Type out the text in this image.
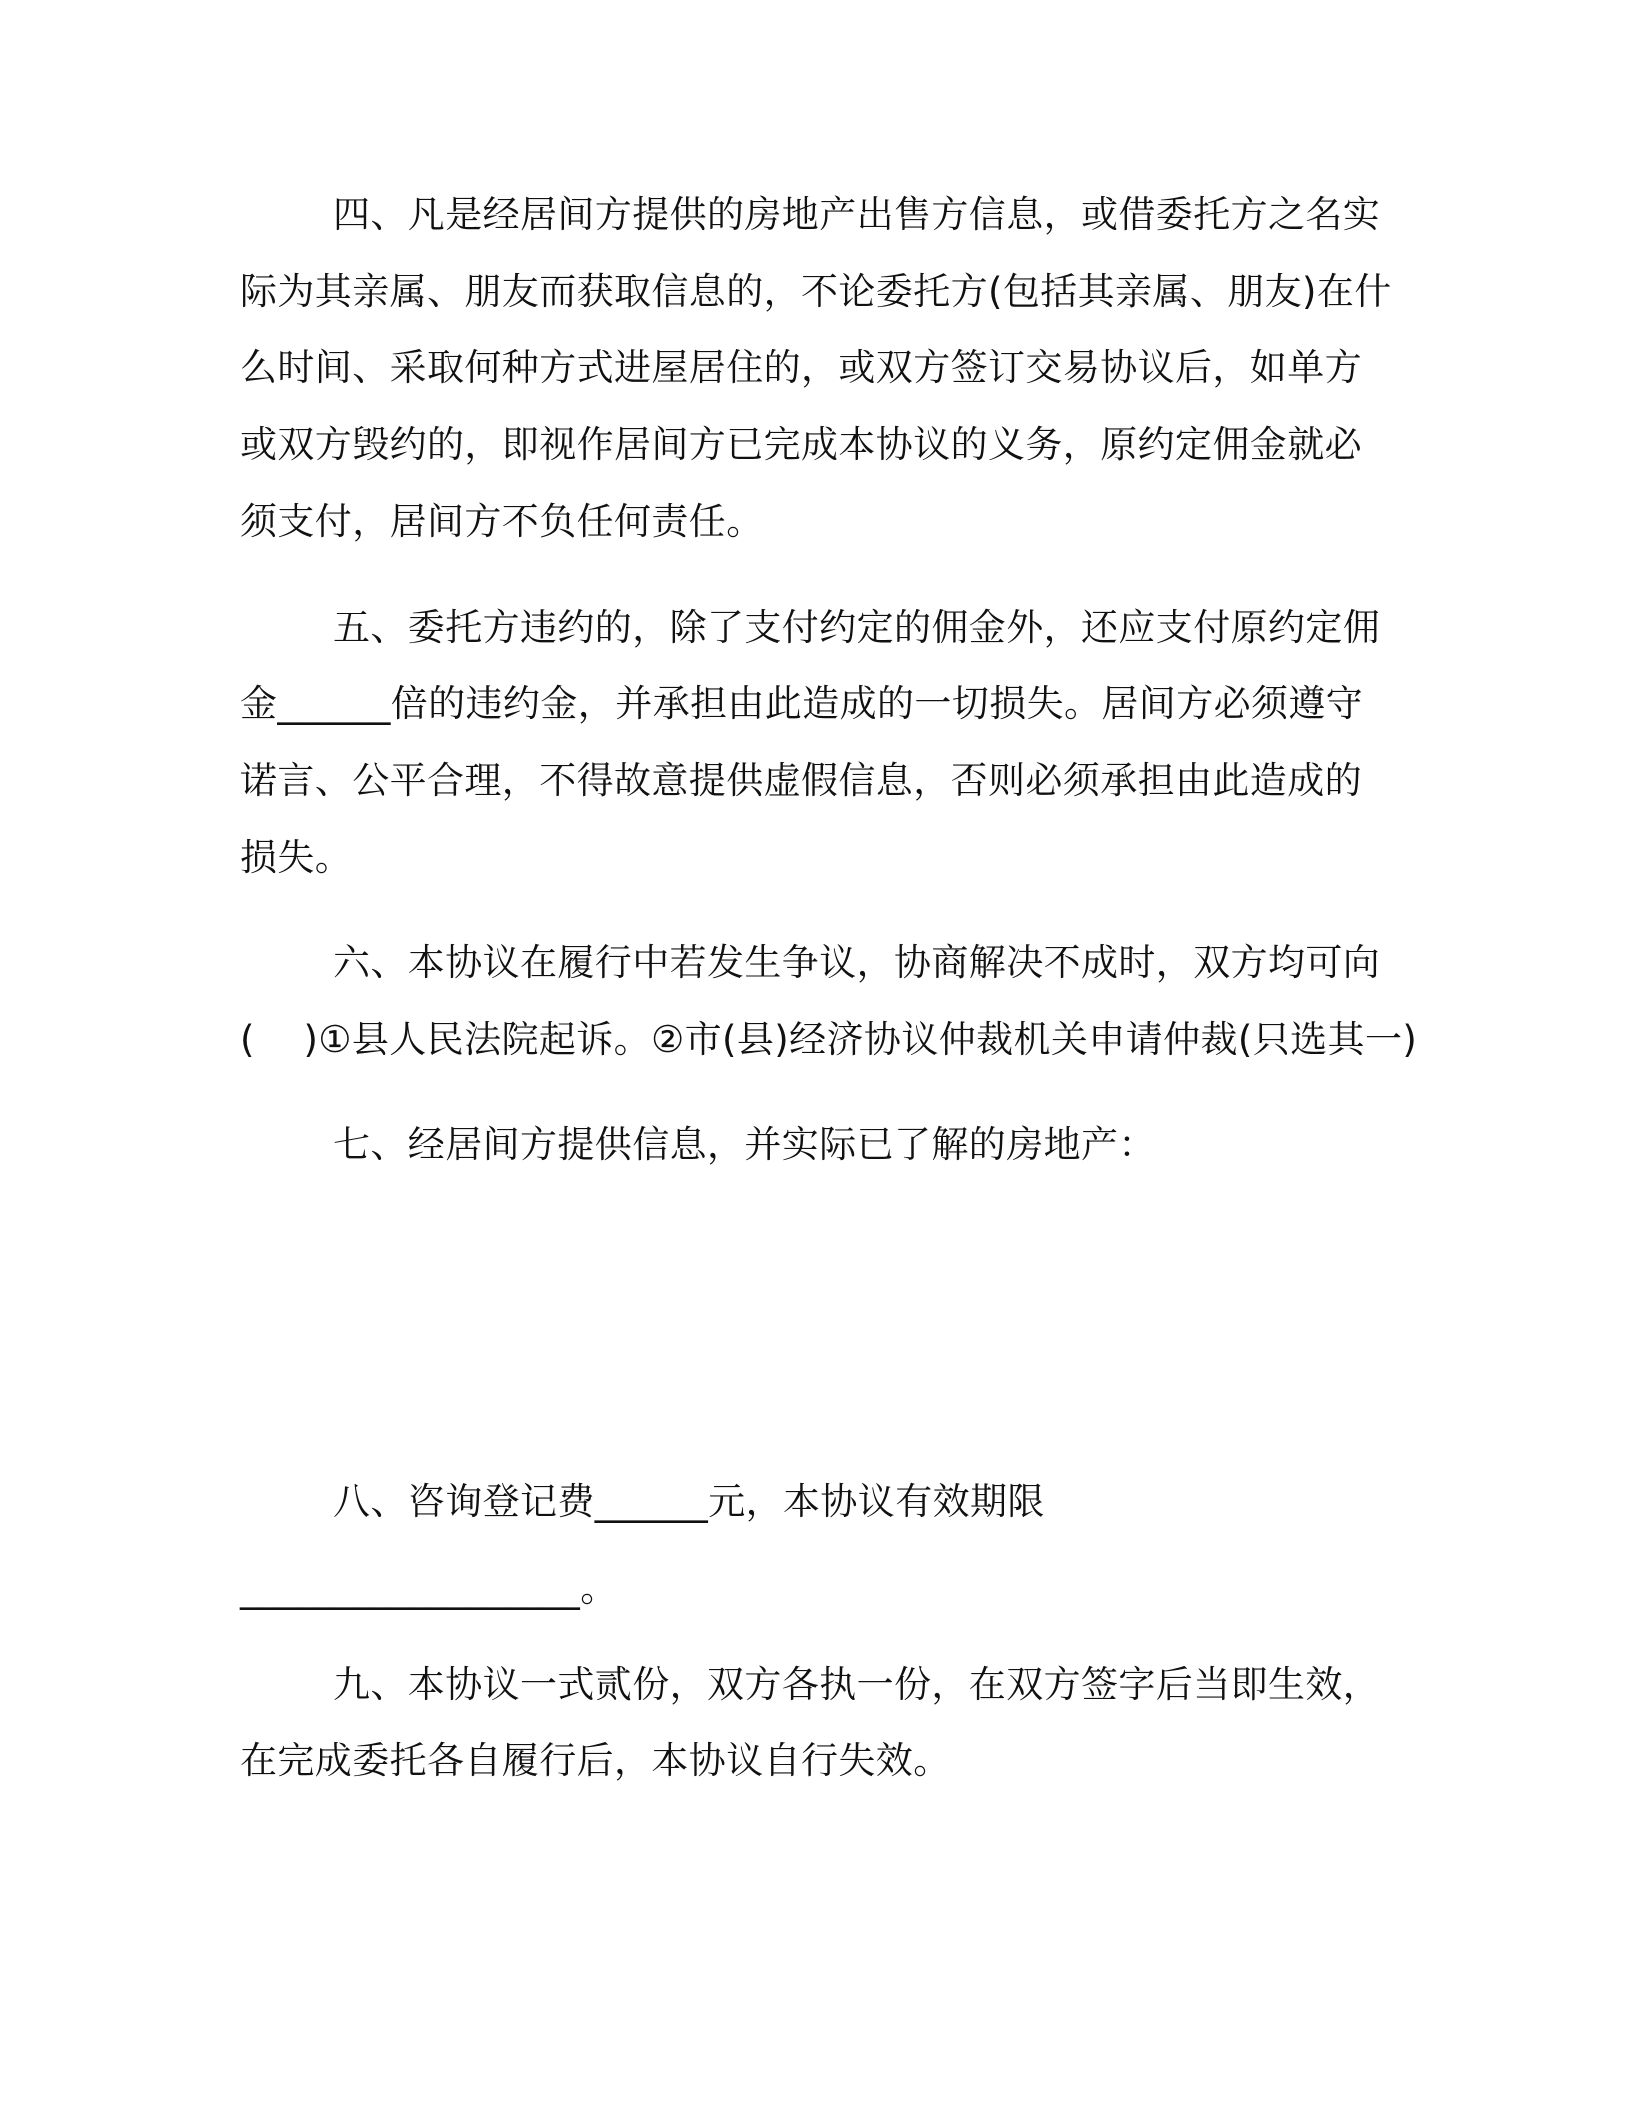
四、凡是经居间方提供的房地产出售方信息，或借委托方之名实
际为其亲属、朋友而获取信息的，不论委托方(包括其亲属、朋友)在什
么时间、采取何种方式进屋居住的，或双方签订交易协议后，如单方
或双方毁约的，即视作居间方已完成本协议的义务，原约定佣金就必
须支付，居间方不负任何责任。
五、委托方违约的，除了支付约定的佣金外，还应支付原约定佣
金______倍的违约金，并承担由此造成的一切损失。居间方必须遵守
诺言、公平合理，不得故意提供虚假信息，否则必须承担由此造成的
损失。
六、本协议在履行中若发生争议，协商解决不成时，双方均可向
(    )①县人民法院起诉。②市(县)经济协议仲裁机关申请仲裁(只选其一)
七、经居间方提供信息，并实际已了解的房地产：
八、咨询登记费______元，本协议有效期限
__________________。
九、本协议一式贰份，双方各执一份，在双方签字后当即生效，
在完成委托各自履行后，本协议自行失效。
